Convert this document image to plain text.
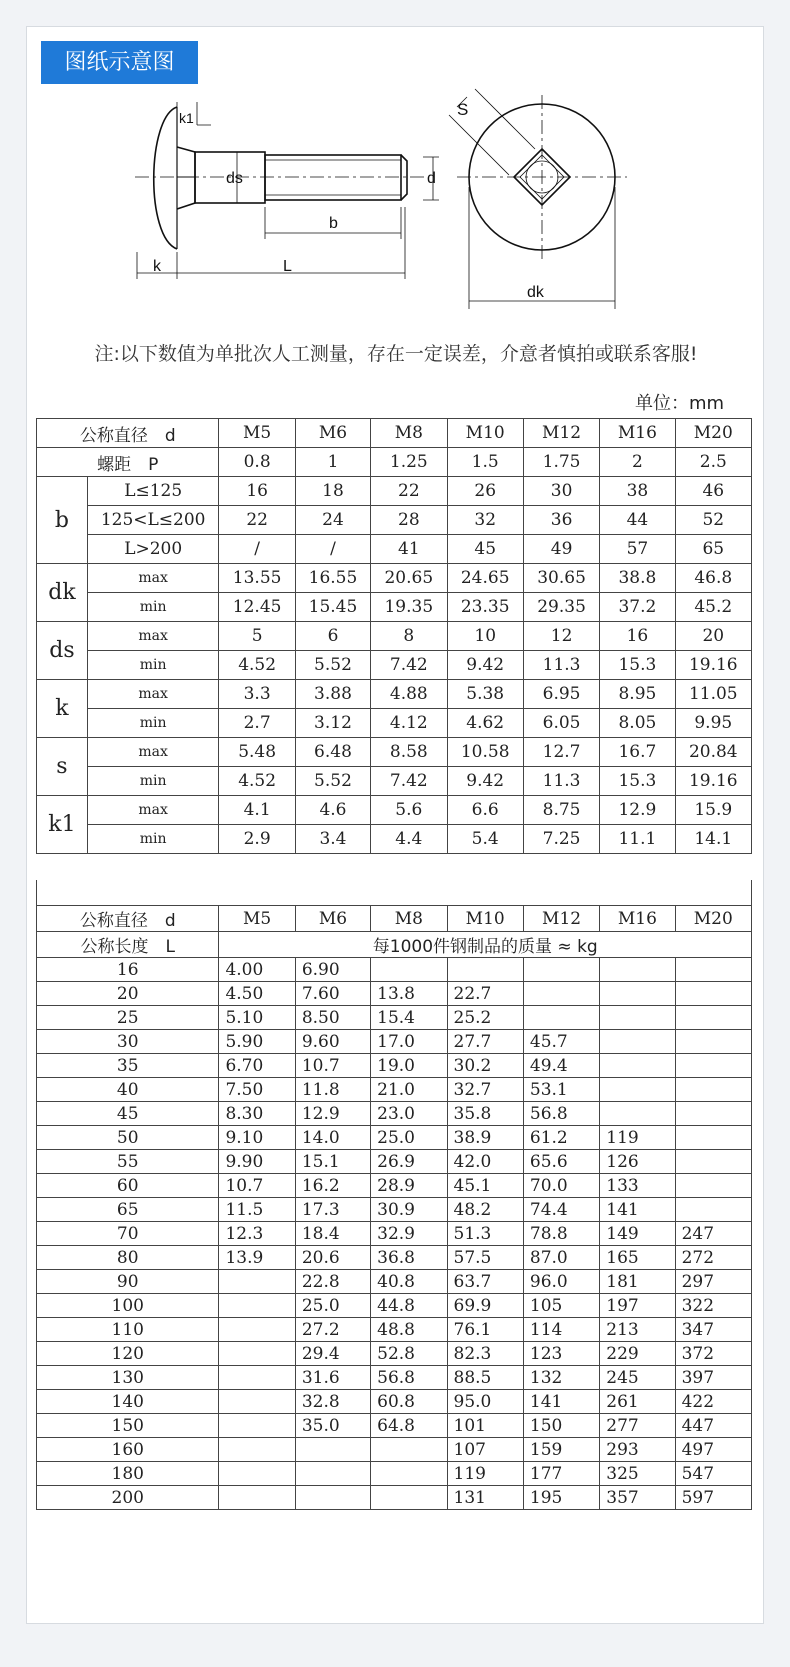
图纸示意图
k1
ds	d
b
k	L
S
dk
注:以下数值为单批次人工测量，存在一定误差，介意者慎拍或联系客服!
单位：mm
公称直径　d		M5	M6	M8	M10	M12	M16	M20
螺距　P		0.8	1	1.25	1.5	1.75	2	2.5
b	L≤125	16	18	22	26	30	38	46
	125<L≤200	22	24	28	32	36	44	52
	L>200	/	/	41	45	49	57	65
dk	max	13.55	16.55	20.65	24.65	30.65	38.8	46.8
	min	12.45	15.45	19.35	23.35	29.35	37.2	45.2
ds	max	5	6	8	10	12	16	20
	min	4.52	5.52	7.42	9.42	11.3	15.3	19.16
k	max	3.3	3.88	4.88	5.38	6.95	8.95	11.05
	min	2.7	3.12	4.12	4.62	6.05	8.05	9.95
s	max	5.48	6.48	8.58	10.58	12.7	16.7	20.84
	min	4.52	5.52	7.42	9.42	11.3	15.3	19.16
k1	max	4.1	4.6	5.6	6.6	8.75	12.9	15.9
	min	2.9	3.4	4.4	5.4	7.25	11.1	14.1
公称直径　d	M5	M6	M8	M10	M12	M16	M20
公称长度　L	每1000件钢制品的质量 ≈ kg						
16	4.00	6.90					
20	4.50	7.60	13.8	22.7			
25	5.10	8.50	15.4	25.2			
30	5.90	9.60	17.0	27.7	45.7		
35	6.70	10.7	19.0	30.2	49.4		
40	7.50	11.8	21.0	32.7	53.1		
45	8.30	12.9	23.0	35.8	56.8		
50	9.10	14.0	25.0	38.9	61.2	119	
55	9.90	15.1	26.9	42.0	65.6	126	
60	10.7	16.2	28.9	45.1	70.0	133	
65	11.5	17.3	30.9	48.2	74.4	141	
70	12.3	18.4	32.9	51.3	78.8	149	247
80	13.9	20.6	36.8	57.5	87.0	165	272
90		22.8	40.8	63.7	96.0	181	297
100		25.0	44.8	69.9	105	197	322
110		27.2	48.8	76.1	114	213	347
120		29.4	52.8	82.3	123	229	372
130		31.6	56.8	88.5	132	245	397
140		32.8	60.8	95.0	141	261	422
150		35.0	64.8	101	150	277	447
160				107	159	293	497
180				119	177	325	547
200				131	195	357	597
